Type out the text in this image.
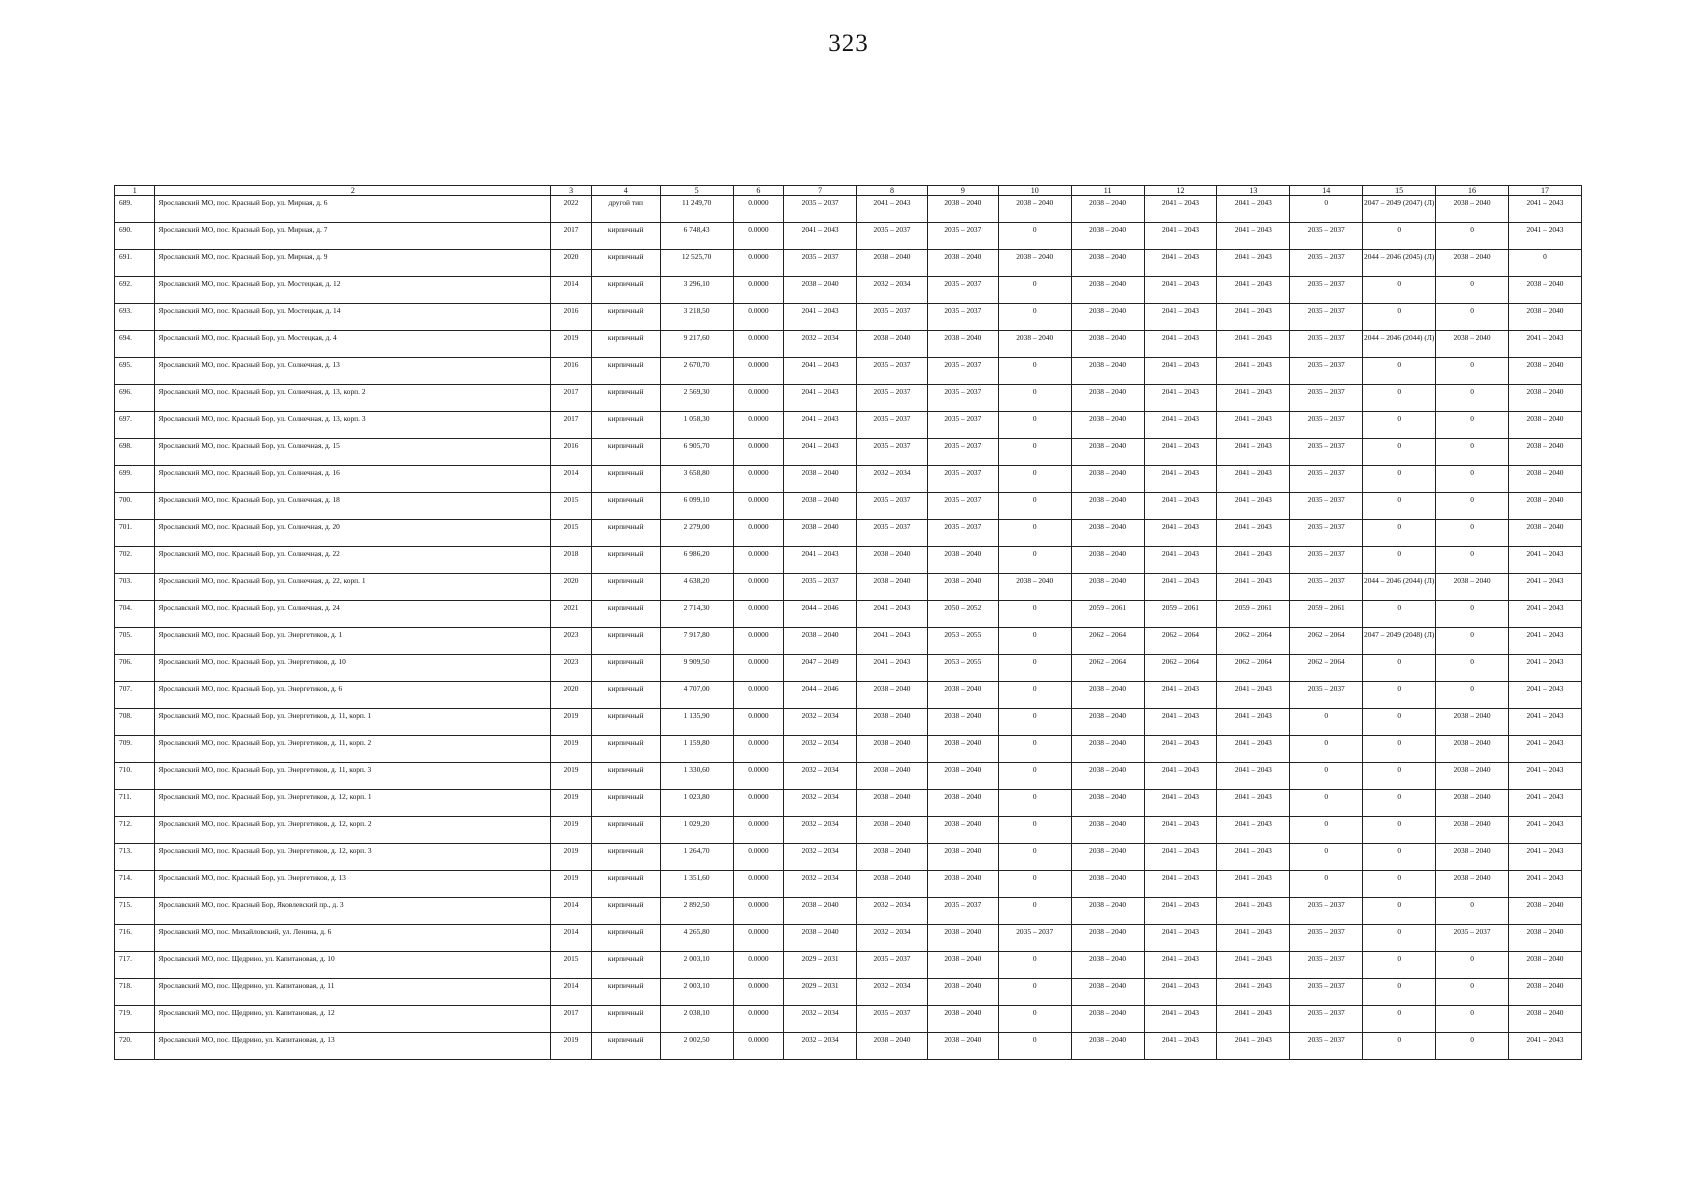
323
1	2	3	4	5	6	7	8	9	10	11	12	13	14	15	16	17
689.	Ярославский МО, пос. Красный Бор, ул. Мирная, д. 6	2022	другой тип	11 249,70	0.0000	2035 – 2037	2041 – 2043	2038 – 2040	2038 – 2040	2038 – 2040	2041 – 2043	2041 – 2043	0	2047 – 2049 (2047) (Л)	2038 – 2040	2041 – 2043
690.	Ярославский МО, пос. Красный Бор, ул. Мирная, д. 7	2017	кирпичный	6 748,43	0.0000	2041 – 2043	2035 – 2037	2035 – 2037	0	2038 – 2040	2041 – 2043	2041 – 2043	2035 – 2037	0	0	2041 – 2043
691.	Ярославский МО, пос. Красный Бор, ул. Мирная, д. 9	2020	кирпичный	12 525,70	0.0000	2035 – 2037	2038 – 2040	2038 – 2040	2038 – 2040	2038 – 2040	2041 – 2043	2041 – 2043	2035 – 2037	2044 – 2046 (2045) (Л)	2038 – 2040	0
692.	Ярославский МО, пос. Красный Бор, ул. Мостецкая, д. 12	2014	кирпичный	3 296,10	0.0000	2038 – 2040	2032 – 2034	2035 – 2037	0	2038 – 2040	2041 – 2043	2041 – 2043	2035 – 2037	0	0	2038 – 2040
693.	Ярославский МО, пос. Красный Бор, ул. Мостецкая, д. 14	2016	кирпичный	3 218,50	0.0000	2041 – 2043	2035 – 2037	2035 – 2037	0	2038 – 2040	2041 – 2043	2041 – 2043	2035 – 2037	0	0	2038 – 2040
694.	Ярославский МО, пос. Красный Бор, ул. Мостецкая, д. 4	2019	кирпичный	9 217,60	0.0000	2032 – 2034	2038 – 2040	2038 – 2040	2038 – 2040	2038 – 2040	2041 – 2043	2041 – 2043	2035 – 2037	2044 – 2046 (2044) (Л)	2038 – 2040	2041 – 2043
695.	Ярославский МО, пос. Красный Бор, ул. Солнечная, д. 13	2016	кирпичный	2 670,70	0.0000	2041 – 2043	2035 – 2037	2035 – 2037	0	2038 – 2040	2041 – 2043	2041 – 2043	2035 – 2037	0	0	2038 – 2040
696.	Ярославский МО, пос. Красный Бор, ул. Солнечная, д. 13, корп. 2	2017	кирпичный	2 569,30	0.0000	2041 – 2043	2035 – 2037	2035 – 2037	0	2038 – 2040	2041 – 2043	2041 – 2043	2035 – 2037	0	0	2038 – 2040
697.	Ярославский МО, пос. Красный Бор, ул. Солнечная, д. 13, корп. 3	2017	кирпичный	1 058,30	0.0000	2041 – 2043	2035 – 2037	2035 – 2037	0	2038 – 2040	2041 – 2043	2041 – 2043	2035 – 2037	0	0	2038 – 2040
698.	Ярославский МО, пос. Красный Бор, ул. Солнечная, д. 15	2016	кирпичный	6 905,70	0.0000	2041 – 2043	2035 – 2037	2035 – 2037	0	2038 – 2040	2041 – 2043	2041 – 2043	2035 – 2037	0	0	2038 – 2040
699.	Ярославский МО, пос. Красный Бор, ул. Солнечная, д. 16	2014	кирпичный	3 658,80	0.0000	2038 – 2040	2032 – 2034	2035 – 2037	0	2038 – 2040	2041 – 2043	2041 – 2043	2035 – 2037	0	0	2038 – 2040
700.	Ярославский МО, пос. Красный Бор, ул. Солнечная, д. 18	2015	кирпичный	6 099,10	0.0000	2038 – 2040	2035 – 2037	2035 – 2037	0	2038 – 2040	2041 – 2043	2041 – 2043	2035 – 2037	0	0	2038 – 2040
701.	Ярославский МО, пос. Красный Бор, ул. Солнечная, д. 20	2015	кирпичный	2 279,00	0.0000	2038 – 2040	2035 – 2037	2035 – 2037	0	2038 – 2040	2041 – 2043	2041 – 2043	2035 – 2037	0	0	2038 – 2040
702.	Ярославский МО, пос. Красный Бор, ул. Солнечная, д. 22	2018	кирпичный	6 986,20	0.0000	2041 – 2043	2038 – 2040	2038 – 2040	0	2038 – 2040	2041 – 2043	2041 – 2043	2035 – 2037	0	0	2041 – 2043
703.	Ярославский МО, пос. Красный Бор, ул. Солнечная, д. 22, корп. 1	2020	кирпичный	4 638,20	0.0000	2035 – 2037	2038 – 2040	2038 – 2040	2038 – 2040	2038 – 2040	2041 – 2043	2041 – 2043	2035 – 2037	2044 – 2046 (2044) (Л)	2038 – 2040	2041 – 2043
704.	Ярославский МО, пос. Красный Бор, ул. Солнечная, д. 24	2021	кирпичный	2 714,30	0.0000	2044 – 2046	2041 – 2043	2050 – 2052	0	2059 – 2061	2059 – 2061	2059 – 2061	2059 – 2061	0	0	2041 – 2043
705.	Ярославский МО, пос. Красный Бор, ул. Энергетиков, д. 1	2023	кирпичный	7 917,80	0.0000	2038 – 2040	2041 – 2043	2053 – 2055	0	2062 – 2064	2062 – 2064	2062 – 2064	2062 – 2064	2047 – 2049 (2048) (Л)	0	2041 – 2043
706.	Ярославский МО, пос. Красный Бор, ул. Энергетиков, д. 10	2023	кирпичный	9 909,50	0.0000	2047 – 2049	2041 – 2043	2053 – 2055	0	2062 – 2064	2062 – 2064	2062 – 2064	2062 – 2064	0	0	2041 – 2043
707.	Ярославский МО, пос. Красный Бор, ул. Энергетиков, д. 6	2020	кирпичный	4 707,00	0.0000	2044 – 2046	2038 – 2040	2038 – 2040	0	2038 – 2040	2041 – 2043	2041 – 2043	2035 – 2037	0	0	2041 – 2043
708.	Ярославский МО, пос. Красный Бор, ул. Энергетиков, д. 11, корп. 1	2019	кирпичный	1 135,90	0.0000	2032 – 2034	2038 – 2040	2038 – 2040	0	2038 – 2040	2041 – 2043	2041 – 2043	0	0	2038 – 2040	2041 – 2043
709.	Ярославский МО, пос. Красный Бор, ул. Энергетиков, д. 11, корп. 2	2019	кирпичный	1 159,80	0.0000	2032 – 2034	2038 – 2040	2038 – 2040	0	2038 – 2040	2041 – 2043	2041 – 2043	0	0	2038 – 2040	2041 – 2043
710.	Ярославский МО, пос. Красный Бор, ул. Энергетиков, д. 11, корп. 3	2019	кирпичный	1 330,60	0.0000	2032 – 2034	2038 – 2040	2038 – 2040	0	2038 – 2040	2041 – 2043	2041 – 2043	0	0	2038 – 2040	2041 – 2043
711.	Ярославский МО, пос. Красный Бор, ул. Энергетиков, д. 12, корп. 1	2019	кирпичный	1 023,80	0.0000	2032 – 2034	2038 – 2040	2038 – 2040	0	2038 – 2040	2041 – 2043	2041 – 2043	0	0	2038 – 2040	2041 – 2043
712.	Ярославский МО, пос. Красный Бор, ул. Энергетиков, д. 12, корп. 2	2019	кирпичный	1 029,20	0.0000	2032 – 2034	2038 – 2040	2038 – 2040	0	2038 – 2040	2041 – 2043	2041 – 2043	0	0	2038 – 2040	2041 – 2043
713.	Ярославский МО, пос. Красный Бор, ул. Энергетиков, д. 12, корп. 3	2019	кирпичный	1 264,70	0.0000	2032 – 2034	2038 – 2040	2038 – 2040	0	2038 – 2040	2041 – 2043	2041 – 2043	0	0	2038 – 2040	2041 – 2043
714.	Ярославский МО, пос. Красный Бор, ул. Энергетиков, д. 13	2019	кирпичный	1 351,60	0.0000	2032 – 2034	2038 – 2040	2038 – 2040	0	2038 – 2040	2041 – 2043	2041 – 2043	0	0	2038 – 2040	2041 – 2043
715.	Ярославский МО, пос. Красный Бор, Яковлевский пр., д. 3	2014	кирпичный	2 892,50	0.0000	2038 – 2040	2032 – 2034	2035 – 2037	0	2038 – 2040	2041 – 2043	2041 – 2043	2035 – 2037	0	0	2038 – 2040
716.	Ярославский МО, пос. Михайловский, ул. Ленина, д. 6	2014	кирпичный	4 265,80	0.0000	2038 – 2040	2032 – 2034	2038 – 2040	2035 – 2037	2038 – 2040	2041 – 2043	2041 – 2043	2035 – 2037	0	2035 – 2037	2038 – 2040
717.	Ярославский МО, пос. Щедрино, ул. Капитановая, д. 10	2015	кирпичный	2 003,10	0.0000	2029 – 2031	2035 – 2037	2038 – 2040	0	2038 – 2040	2041 – 2043	2041 – 2043	2035 – 2037	0	0	2038 – 2040
718.	Ярославский МО, пос. Щедрино, ул. Капитановая, д. 11	2014	кирпичный	2 003,10	0.0000	2029 – 2031	2032 – 2034	2038 – 2040	0	2038 – 2040	2041 – 2043	2041 – 2043	2035 – 2037	0	0	2038 – 2040
719.	Ярославский МО, пос. Щедрино, ул. Капитановая, д. 12	2017	кирпичный	2 038,10	0.0000	2032 – 2034	2035 – 2037	2038 – 2040	0	2038 – 2040	2041 – 2043	2041 – 2043	2035 – 2037	0	0	2038 – 2040
720.	Ярославский МО, пос. Щедрино, ул. Капитановая, д. 13	2019	кирпичный	2 002,50	0.0000	2032 – 2034	2038 – 2040	2038 – 2040	0	2038 – 2040	2041 – 2043	2041 – 2043	2035 – 2037	0	0	2041 – 2043
